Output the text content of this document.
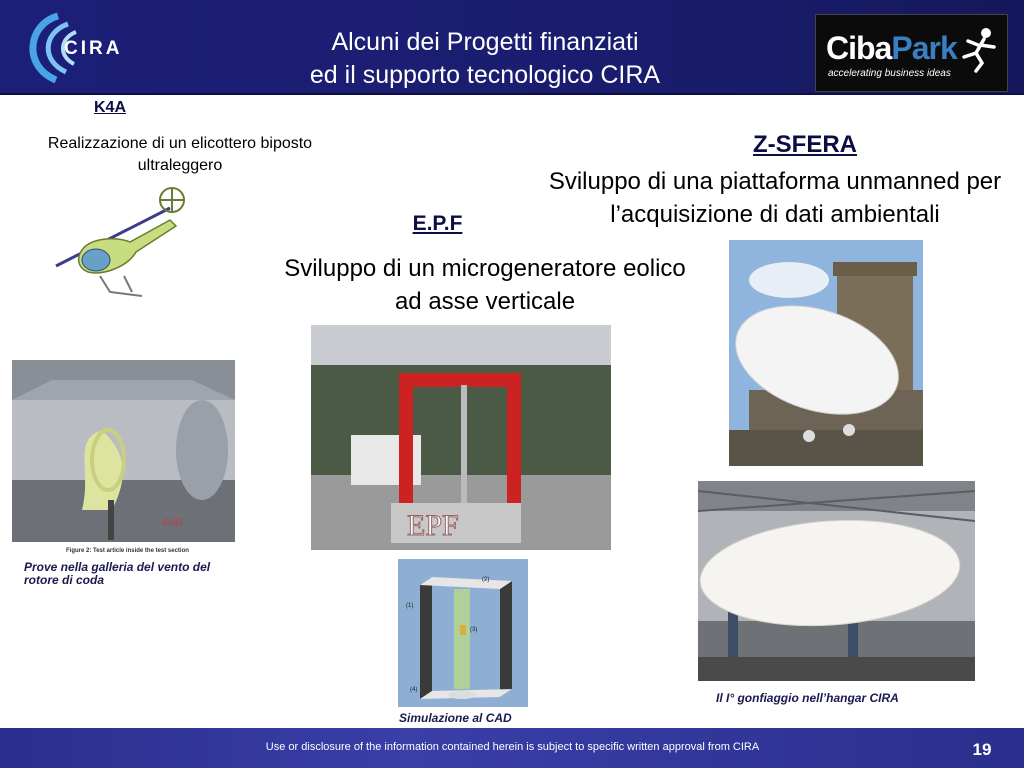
CIRA	Alcuni dei Progetti finanziati
ed il supporto tecnologico CIRA
CibaPark
accelerating business ideas
K4A
Realizzazione di un elicottero biposto ultraleggero
(0.00)
Figure 2: Test article inside the test section
Prove nella galleria del vento del rotore di coda
E.P.F
Sviluppo di un microgeneratore eolico ad asse verticale
EPF
(1)
(2)
(3)
(4)
Simulazione al CAD
Z-SFERA
Sviluppo di una piattaforma unmanned per l’acquisizione di dati ambientali
Il I° gonfiaggio nell’hangar CIRA
Use or disclosure of the information contained herein is subject to specific written approval from CIRA	19
